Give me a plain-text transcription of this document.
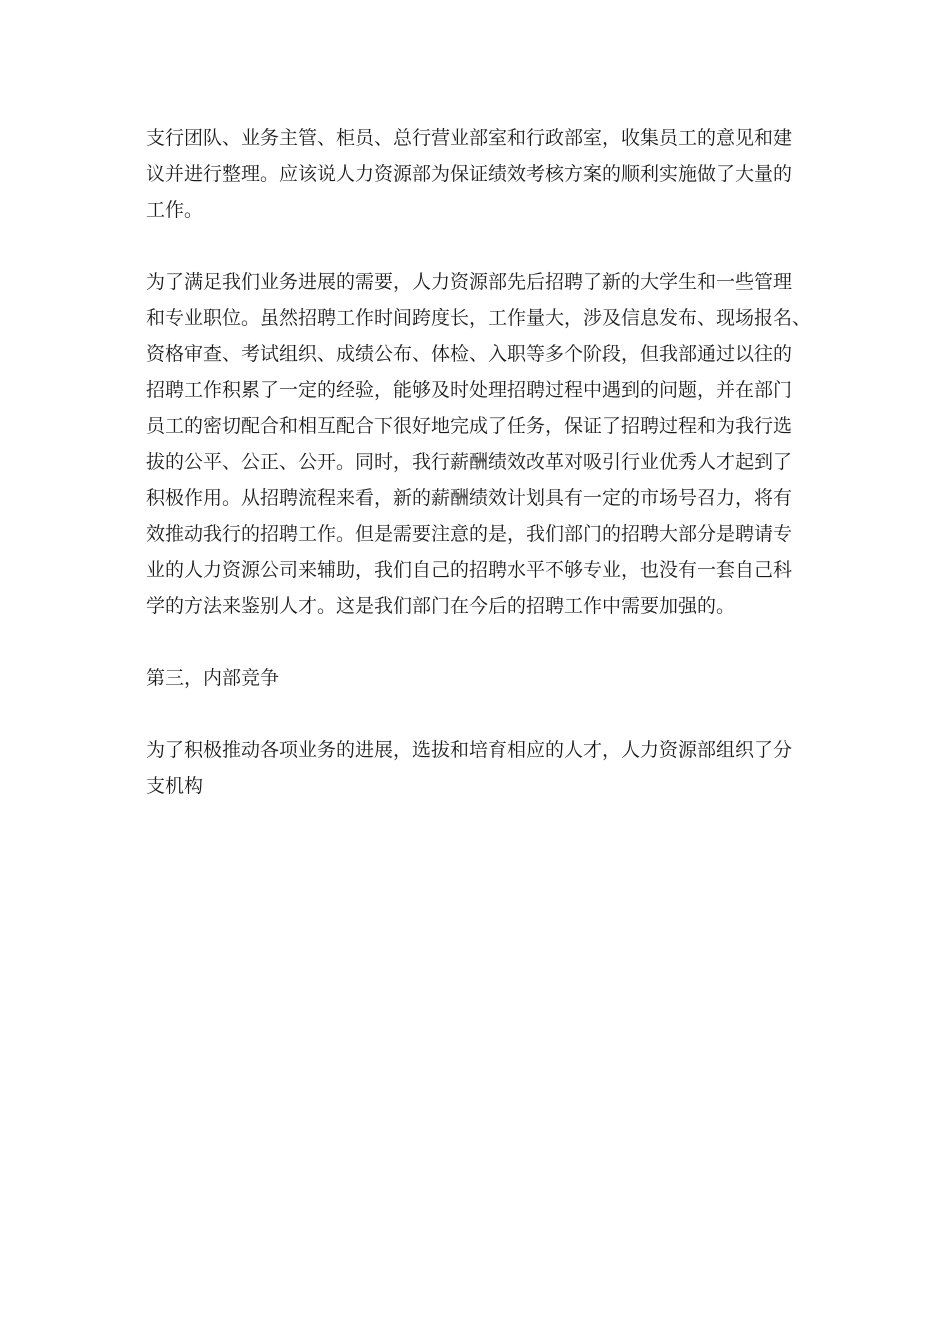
支行团队、业务主管、柜员、总行营业部室和行政部室，收集员工的意见和建
议并进行整理。应该说人力资源部为保证绩效考核方案的顺利实施做了大量的
工作。

为了满足我们业务进展的需要，人力资源部先后招聘了新的大学生和一些管理
和专业职位。虽然招聘工作时间跨度长，工作量大，涉及信息发布、现场报名、
资格审查、考试组织、成绩公布、体检、入职等多个阶段，但我部通过以往的
招聘工作积累了一定的经验，能够及时处理招聘过程中遇到的问题，并在部门
员工的密切配合和相互配合下很好地完成了任务，保证了招聘过程和为我行选
拔的公平、公正、公开。同时，我行薪酬绩效改革对吸引行业优秀人才起到了
积极作用。从招聘流程来看，新的薪酬绩效计划具有一定的市场号召力，将有
效推动我行的招聘工作。但是需要注意的是，我们部门的招聘大部分是聘请专
业的人力资源公司来辅助，我们自己的招聘水平不够专业，也没有一套自己科
学的方法来鉴别人才。这是我们部门在今后的招聘工作中需要加强的。

第三，内部竞争

为了积极推动各项业务的进展，选拔和培育相应的人才，人力资源部组织了分
支机构
